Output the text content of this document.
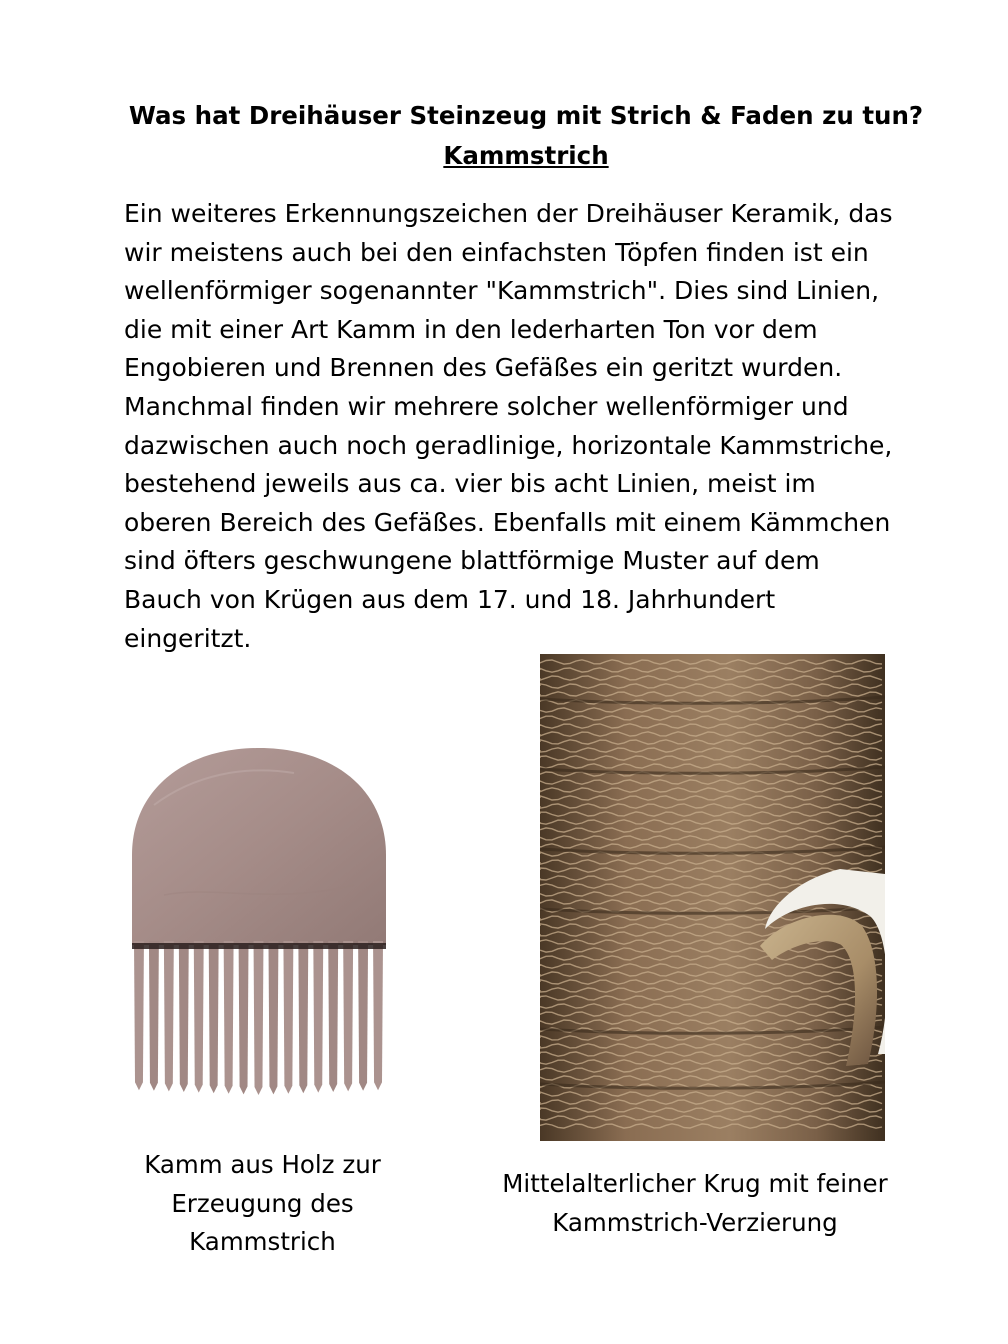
Was hat Dreihäuser Steinzeug mit Strich & Faden zu tun?
Kammstrich
Ein weiteres Erkennungszeichen der Dreihäuser Keramik, das
wir meistens auch bei den einfachsten Töpfen finden ist ein
wellenförmiger sogenannter "Kammstrich". Dies sind Linien,
die mit einer Art Kamm in den lederharten Ton vor dem
Engobieren und Brennen des Gefäßes ein geritzt wurden.
Manchmal finden wir mehrere solcher wellenförmiger und
dazwischen auch noch geradlinige, horizontale Kammstriche,
bestehend jeweils aus ca. vier bis acht Linien, meist im
oberen Bereich des Gefäßes. Ebenfalls mit einem Kämmchen
sind öfters geschwungene blattförmige Muster auf dem
Bauch von Krügen aus dem 17. und 18. Jahrhundert
eingeritzt.
Kamm aus Holz zur
Erzeugung des
Kammstrich
Mittelalterlicher Krug mit feiner
Kammstrich-Verzierung
